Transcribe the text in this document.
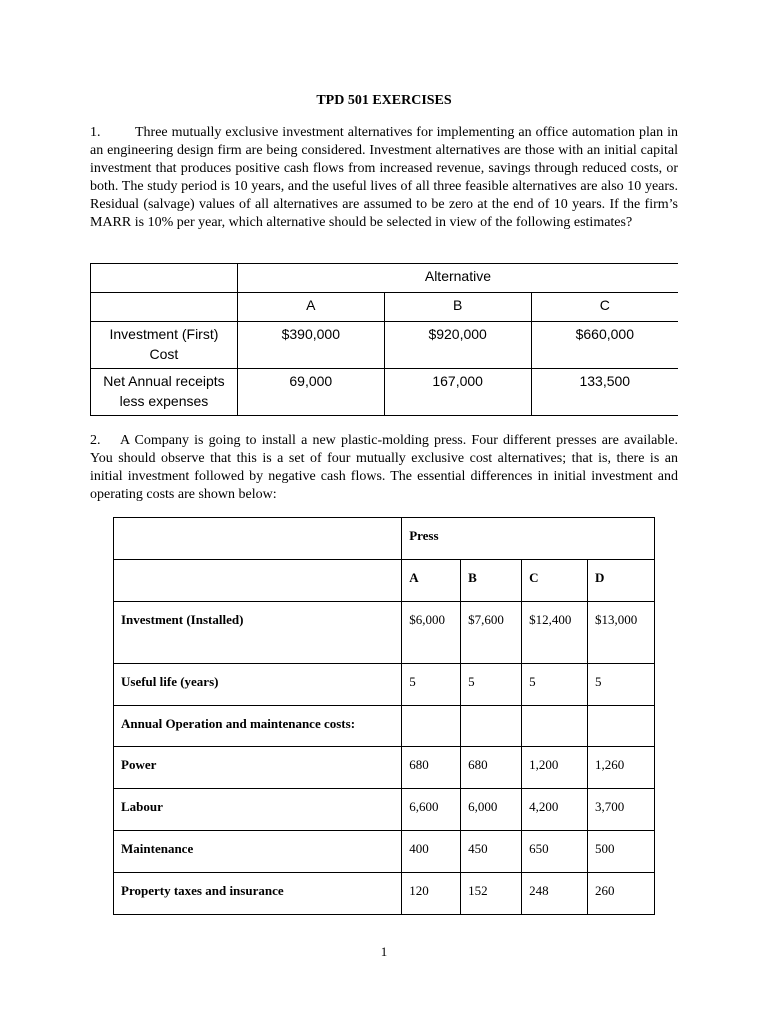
TPD 501 EXERCISES

1. Three mutually exclusive investment alternatives for implementing an office automation plan in an engineering design firm are being considered. Investment alternatives are those with an initial capital investment that produces positive cash flows from increased revenue, savings through reduced costs, or both. The study period is 10 years, and the useful lives of all three feasible alternatives are also 10 years. Residual (salvage) values of all alternatives are assumed to be zero at the end of 10 years. If the firm’s MARR is 10% per year, which alternative should be selected in view of the following estimates?

	Alternative		
	A	B	C
Investment (First) Cost	$390,000	$920,000	$660,000
Net Annual receipts less expenses	69,000	167,000	133,500

2. A Company is going to install a new plastic-molding press. Four different presses are available. You should observe that this is a set of four mutually exclusive cost alternatives; that is, there is an initial investment followed by negative cash flows. The essential differences in initial investment and operating costs are shown below:

	Press			
	A	B	C	D
Investment (Installed)	$6,000	$7,600	$12,400	$13,000
Useful life (years)	5	5	5	5
Annual Operation and maintenance costs:				
Power	680	680	1,200	1,260
Labour	6,600	6,000	4,200	3,700
Maintenance	400	450	650	500
Property taxes and insurance	120	152	248	260
1
